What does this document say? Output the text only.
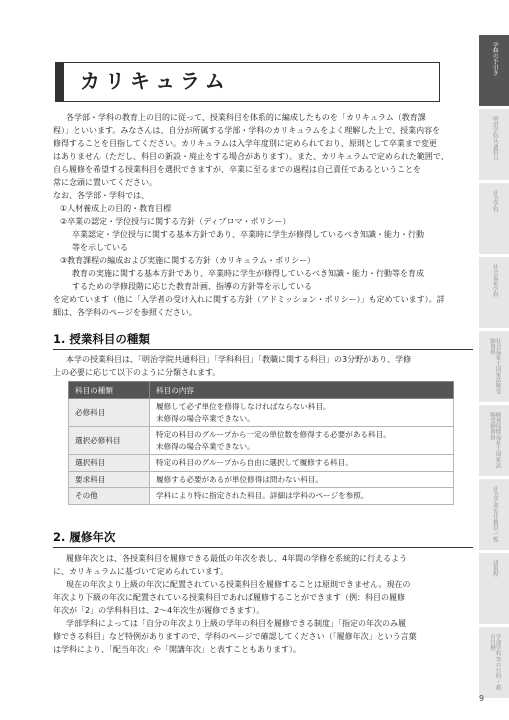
学修の手引き
明治学院共通科目
社会学科
社会福祉学科
社会福祉士国家試験受験資格
精神保健福祉士国家試験受験資格
社会学部専任教員一覧
諸規程
学部学科等の目的・教育目標
カリキュラム
各学部・学科の教育上の目的に従って、授業科目を体系的に編成したものを「カリキュラム（教育課
程）」といいます。みなさんは、自分が所属する学部・学科のカリキュラムをよく理解した上で、授業内容を
修得することを目指してください。カリキュラムは入学年度別に定められており、原則として卒業まで変更
はありません（ただし、科目の新設・廃止をする場合があります）。また、カリキュラムで定められた範囲で、
自ら履修を希望する授業科目を選択できますが、卒業に至るまでの過程は自己責任であるということを
常に念頭に置いてください。
なお、各学部・学科では、
①人材養成上の目的・教育目標
②卒業の認定・学位授与に関する方針（ディプロマ・ポリシー）
卒業認定・学位授与に関する基本方針であり、卒業時に学生が修得しているべき知識・能力・行動
等を示している
③教育課程の編成および実施に関する方針（カリキュラム・ポリシー）
教育の実施に関する基本方針であり、卒業時に学生が修得しているべき知識・能力・行動等を育成
するための学修段階に応じた教育計画、指導の方針等を示している
を定めています（他に「入学者の受け入れに関する方針（アドミッション・ポリシー）」も定めています）。詳
細は、各学科のページを参照ください。
1. 授業科目の種類
本学の授業科目は、「明治学院共通科目」「学科科目」「教職に関する科目」の3分野があり、学修
上の必要に応じて以下のように分類されます。
科目の種類	科目の内容
必修科目	履修して必ず単位を修得しなければならない科目。
未修得の場合卒業できない。

選択必修科目	特定の科目のグループから一定の単位数を修得する必要がある科目。
未修得の場合卒業できない。

選択科目	特定の科目のグループから自由に選択して履修する科目。
要求科目	履修する必要があるが単位修得は問わない科目。
その他	学科により特に指定された科目。詳細は学科のページを参照。
2. 履修年次
履修年次とは、各授業科目を履修できる最低の年次を表し、4年間の学修を系統的に行えるよう
に、カリキュラムに基づいて定められています。
現在の年次より上級の年次に配置されている授業科目を履修することは原則できません。現在の
年次より下級の年次に配置されている授業科目であれば履修することができます（例：科目の履修
年次が「2」の学科科目は、2～4年次生が履修できます）。
学部学科によっては「自分の年次より上級の学年の科目を履修できる制度」「指定の年次のみ履
修できる科目」など特例がありますので、学科のページで確認してください（「履修年次」という言葉
は学科により、「配当年次」や「開講年次」と表すこともあります）。
9
